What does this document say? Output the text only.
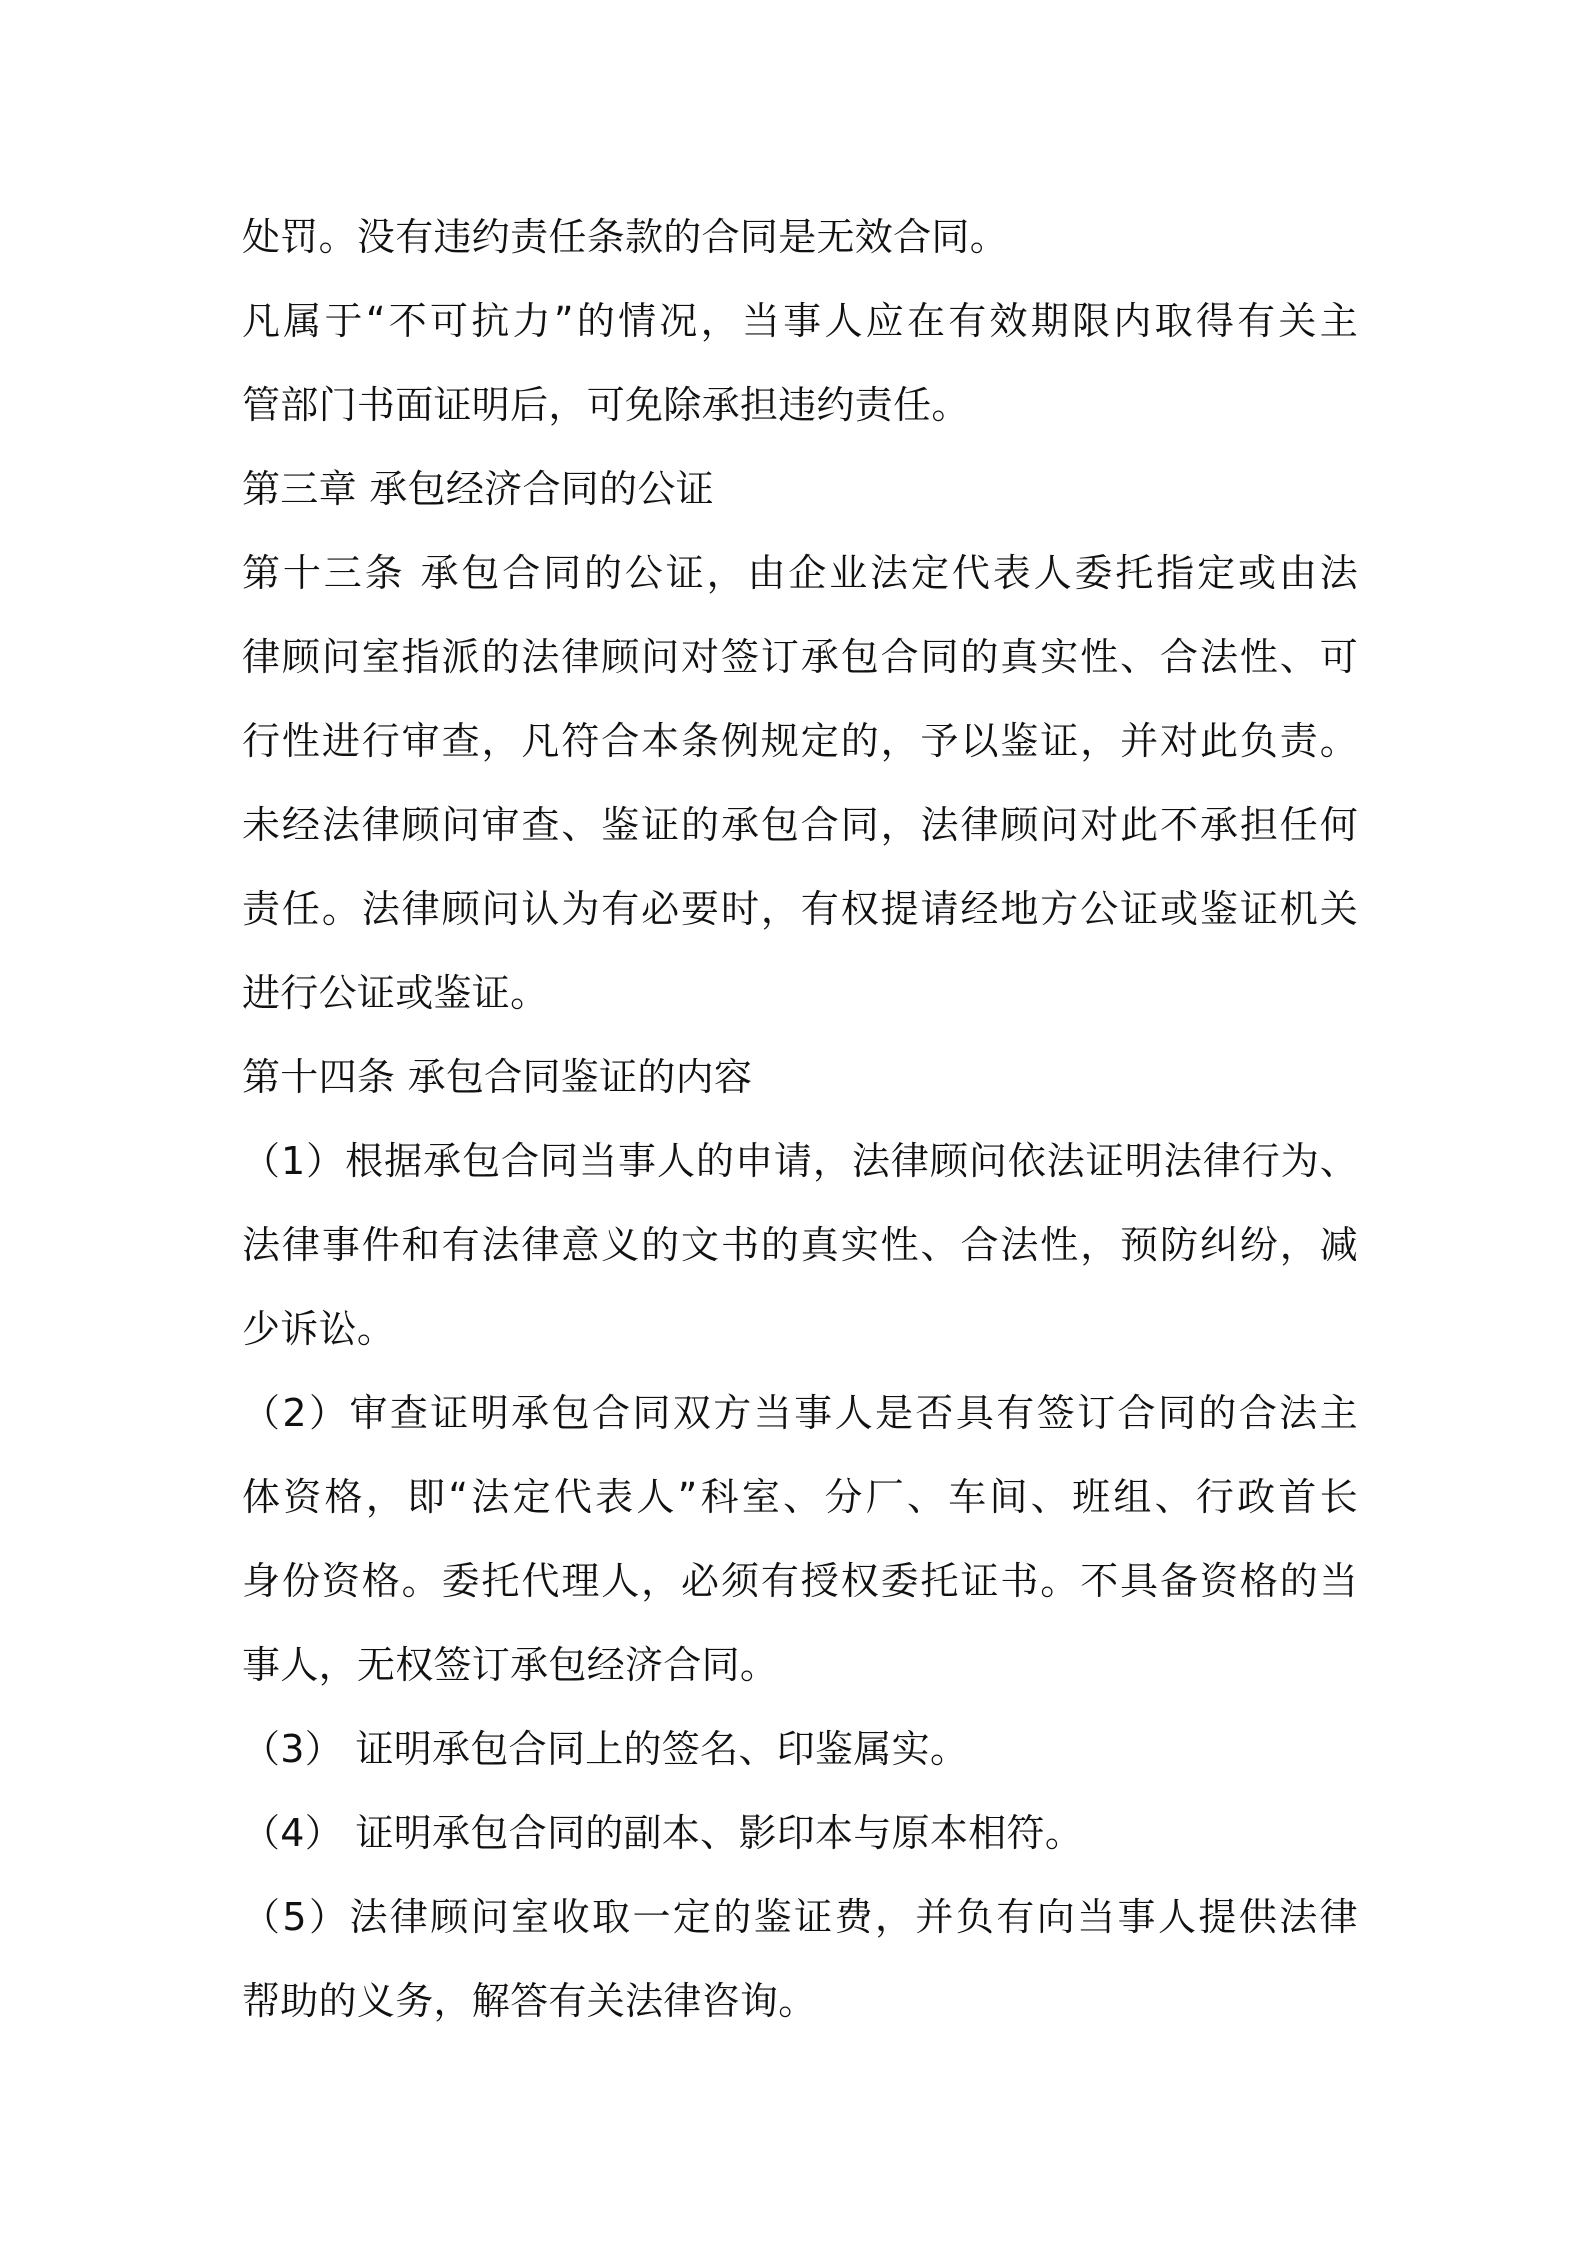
处罚。没有违约责任条款的合同是无效合同。
凡属于“不可抗力”的情况，当事人应在有效期限内取得有关主
管部门书面证明后，可免除承担违约责任。
第三章 承包经济合同的公证
第十三条 承包合同的公证，由企业法定代表人委托指定或由法
律顾问室指派的法律顾问对签订承包合同的真实性、合法性、可
行性进行审查，凡符合本条例规定的，予以鉴证，并对此负责。
未经法律顾问审查、鉴证的承包合同，法律顾问对此不承担任何
责任。法律顾问认为有必要时，有权提请经地方公证或鉴证机关
进行公证或鉴证。
第十四条 承包合同鉴证的内容
（1）根据承包合同当事人的申请，法律顾问依法证明法律行为、
法律事件和有法律意义的文书的真实性、合法性，预防纠纷，减
少诉讼。
（2）审查证明承包合同双方当事人是否具有签订合同的合法主
体资格，即“法定代表人”科室、分厂、车间、班组、行政首长
身份资格。委托代理人，必须有授权委托证书。不具备资格的当
事人，无权签订承包经济合同。
（3） 证明承包合同上的签名、印鉴属实。
（4） 证明承包合同的副本、影印本与原本相符。
（5）法律顾问室收取一定的鉴证费，并负有向当事人提供法律
帮助的义务，解答有关法律咨询。
